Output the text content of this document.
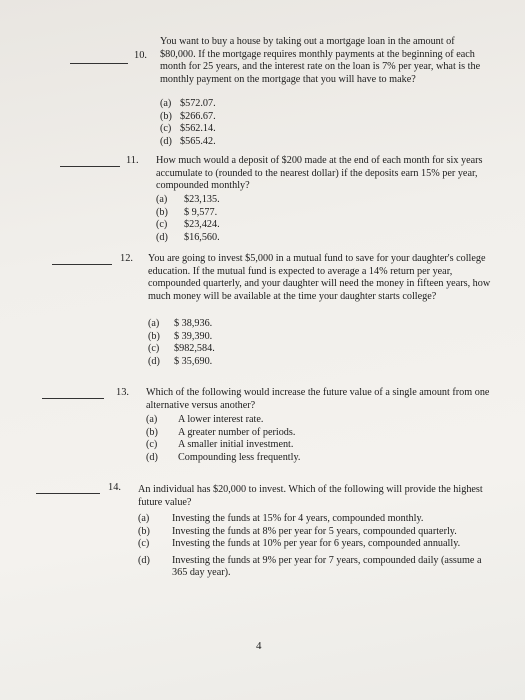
10.
You want to buy a house by taking out a mortgage loan in the amount of $80,000. If the mortgage requires monthly payments at the beginning of each month for 25 years, and the interest rate on the loan is 7% per year, what is the monthly payment on the mortgage that you will have to make?
(a) $572.07.
(b) $266.67.
(c) $562.14.
(d) $565.42.
11. How much would a deposit of $200 made at the end of each month for six years accumulate to (rounded to the nearest dollar) if the deposits earn 15% per year, compounded monthly?
(a)	$23,135.
(b)	$ 9,577.
(c)	$23,424.
(d)	$16,560.
12. You are going to invest $5,000 in a mutual fund to save for your daughter's college education. If the mutual fund is expected to average a 14% return per year, compounded quarterly, and your daughter will need the money in fifteen years, how much money will be available at the time your daughter starts college?
(a)	$ 38,936.
(b)	$ 39,390.
(c)	$982,584.
(d)	$ 35,690.
13. Which of the following would increase the future value of a single amount from one alternative versus another?
(a)	A lower interest rate.
(b)	A greater number of periods.
(c)	A smaller initial investment.
(d)	Compounding less frequently.
14. An individual has $20,000 to invest. Which of the following will provide the highest future value?
(a)	Investing the funds at 15% for 4 years, compounded monthly.
(b)	Investing the funds at 8% per year for 5 years, compounded quarterly.
(c)	Investing the funds at 10% per year for 6 years, compounded annually.
(d)	Investing the funds at 9% per year for 7 years, compounded daily (assume a 365 day year).
4
